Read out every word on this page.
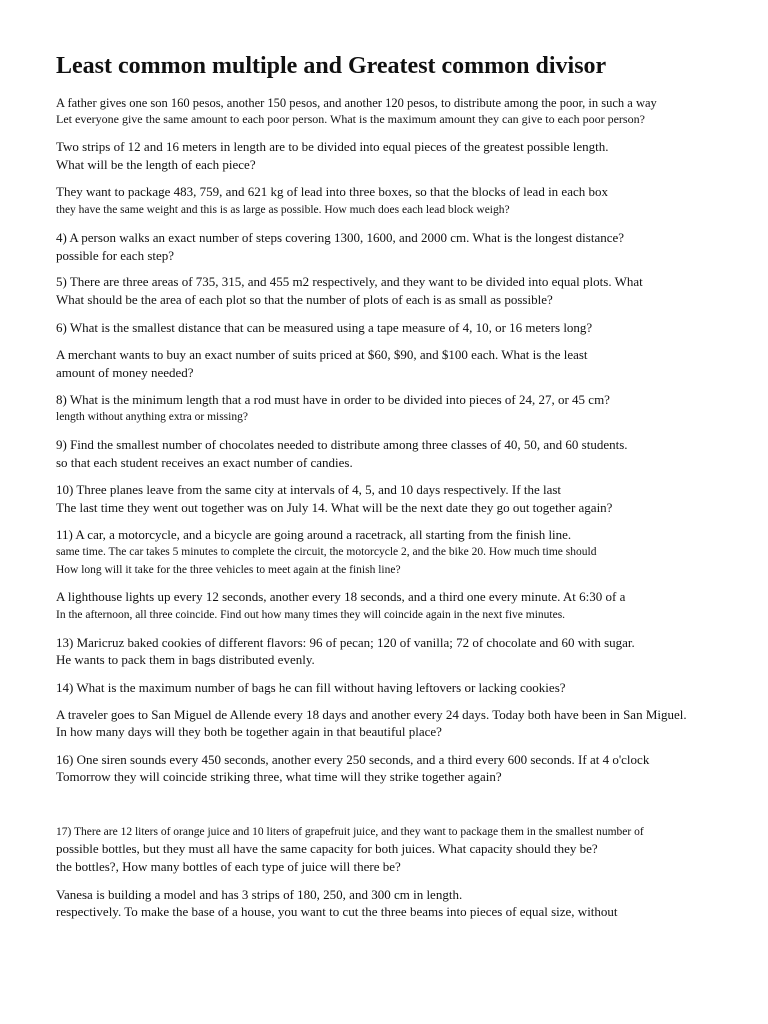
Least common multiple and Greatest common divisor

A father gives one son 160 pesos, another 150 pesos, and another 120 pesos, to distribute among the poor, in such a way

Let everyone give the same amount to each poor person. What is the maximum amount they can give to each poor person?

Two strips of 12 and 16 meters in length are to be divided into equal pieces of the greatest possible length.

What will be the length of each piece?

They want to package 483, 759, and 621 kg of lead into three boxes, so that the blocks of lead in each box

they have the same weight and this is as large as possible. How much does each lead block weigh?

4) A person walks an exact number of steps covering 1300, 1600, and 2000 cm. What is the longest distance?

possible for each step?

5) There are three areas of 735, 315, and 455 m2 respectively, and they want to be divided into equal plots. What

What should be the area of each plot so that the number of plots of each is as small as possible?

6) What is the smallest distance that can be measured using a tape measure of 4, 10, or 16 meters long?

A merchant wants to buy an exact number of suits priced at $60, $90, and $100 each. What is the least

amount of money needed?

8) What is the minimum length that a rod must have in order to be divided into pieces of 24, 27, or 45 cm?

length without anything extra or missing?

9) Find the smallest number of chocolates needed to distribute among three classes of 40, 50, and 60 students.

so that each student receives an exact number of candies.

10) Three planes leave from the same city at intervals of 4, 5, and 10 days respectively. If the last

The last time they went out together was on July 14. What will be the next date they go out together again?

11) A car, a motorcycle, and a bicycle are going around a racetrack, all starting from the finish line.

same time. The car takes 5 minutes to complete the circuit, the motorcycle 2, and the bike 20. How much time should

How long will it take for the three vehicles to meet again at the finish line?

A lighthouse lights up every 12 seconds, another every 18 seconds, and a third one every minute. At 6:30 of a

In the afternoon, all three coincide. Find out how many times they will coincide again in the next five minutes.

13) Maricruz baked cookies of different flavors: 96 of pecan; 120 of vanilla; 72 of chocolate and 60 with sugar.

He wants to pack them in bags distributed evenly.

14) What is the maximum number of bags he can fill without having leftovers or lacking cookies?

A traveler goes to San Miguel de Allende every 18 days and another every 24 days. Today both have been in San Miguel.

In how many days will they both be together again in that beautiful place?

16) One siren sounds every 450 seconds, another every 250 seconds, and a third every 600 seconds. If at 4 o'clock

Tomorrow they will coincide striking three, what time will they strike together again?

17) There are 12 liters of orange juice and 10 liters of grapefruit juice, and they want to package them in the smallest number of

possible bottles, but they must all have the same capacity for both juices. What capacity should they be?

the bottles?, How many bottles of each type of juice will there be?

Vanesa is building a model and has 3 strips of 180, 250, and 300 cm in length.

respectively. To make the base of a house, you want to cut the three beams into pieces of equal size, without
